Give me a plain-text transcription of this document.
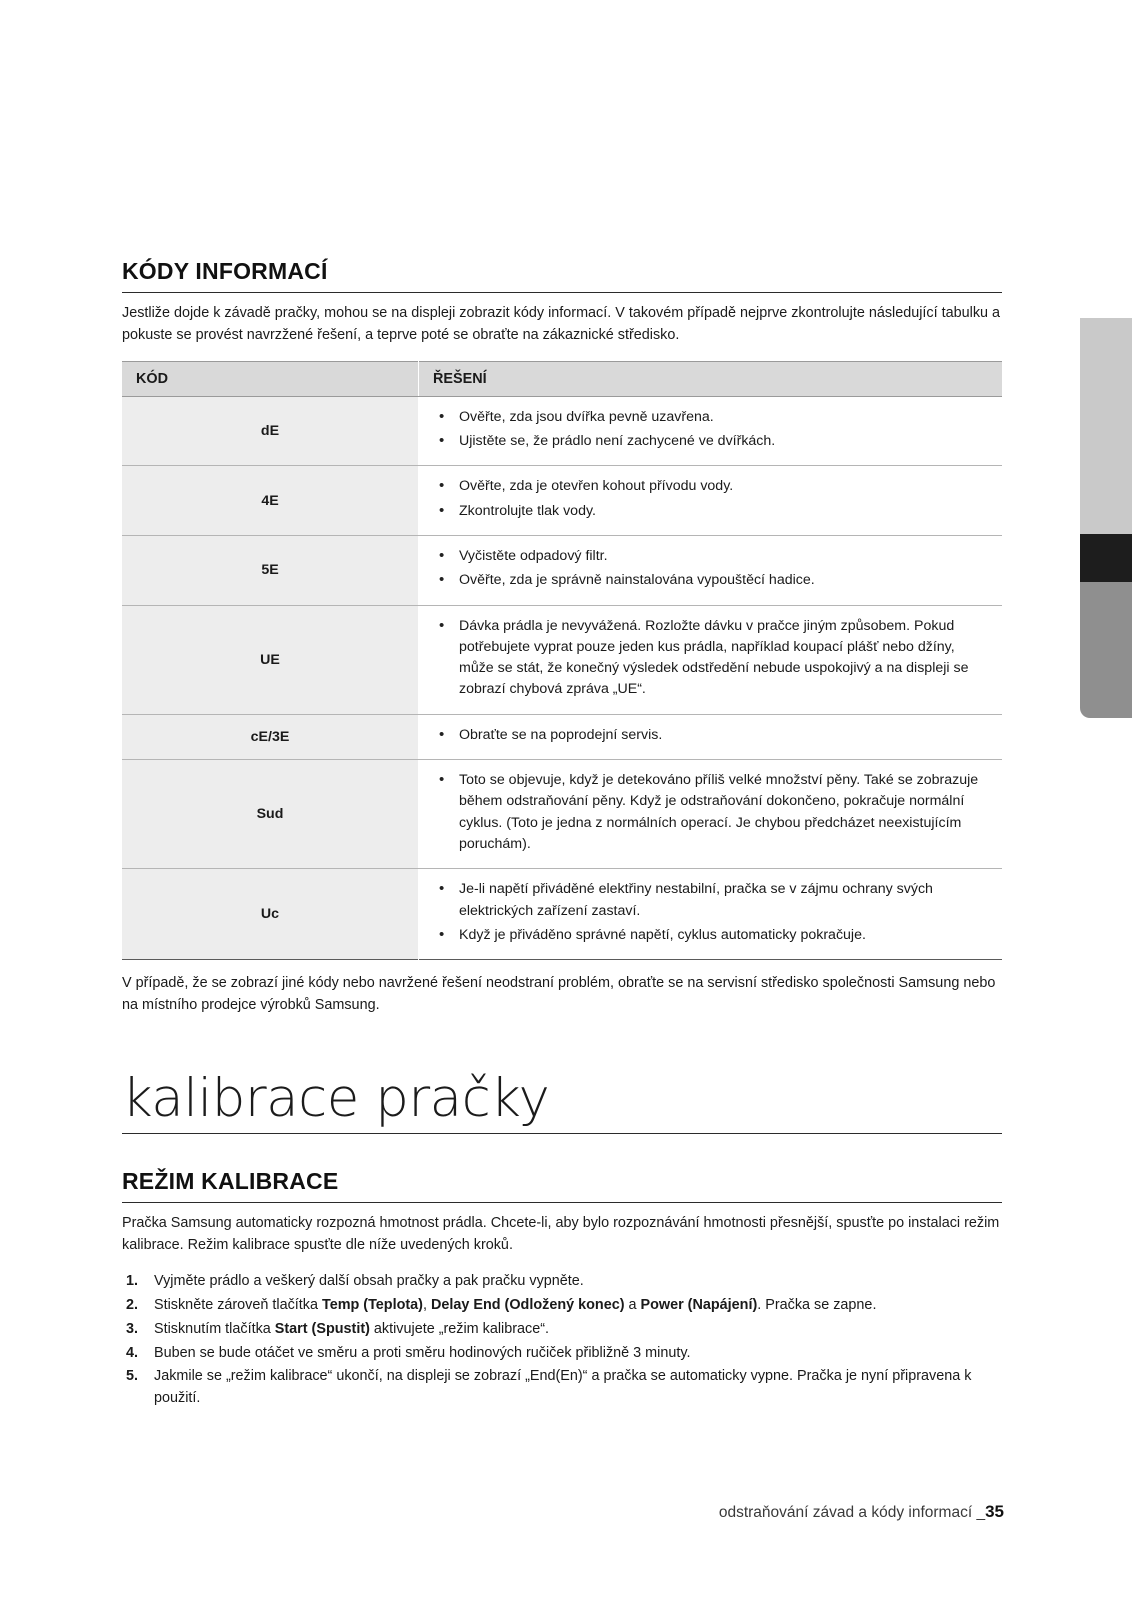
04 ODSTRAŇOVÁNÍ ZÁVAD
KÓDY INFORMACÍ

Jestliže dojde k závadě pračky, mohou se na displeji zobrazit kódy informací. V takovém případě nejprve zkontrolujte následující tabulku a pokuste se provést navrzžené řešení, a teprve poté se obraťte na zákaznické středisko.

KÓD	ŘEŠENÍ
dE	
• Ověřte, zda jsou dvířka pevně uzavřena.
• Ujistěte se, že prádlo není zachycené ve dvířkách.

4E	
• Ověřte, zda je otevřen kohout přívodu vody.
• Zkontrolujte tlak vody.

5E	
• Vyčistěte odpadový filtr.
• Ověřte, zda je správně nainstalována vypouštěcí hadice.

UE	
• Dávka prádla je nevyvážená. Rozložte dávku v pračce jiným způsobem. Pokud potřebujete vyprat pouze jeden kus prádla, například koupací plášť nebo džíny, může se stát, že konečný výsledek odstředění nebude uspokojivý a na displeji se zobrazí chybová zpráva „UE“.

cE/3E	
•Obraťte se na poprodejní servis.

Sud	
• Toto se objevuje, když je detekováno příliš velké množství pěny. Také se zobrazuje během odstraňování pěny. Když je odstraňování dokončeno, pokračuje normální cyklus. (Toto je jedna z normálních operací. Je chybou předcházet neexistujícím poruchám).

Uc	
• Je-li napětí přiváděné elektřiny nestabilní, pračka se v zájmu ochrany svých elektrických zařízení zastaví.
• Když je přiváděno správné napětí, cyklus automaticky pokračuje.

V případě, že se zobrazí jiné kódy nebo navržené řešení neodstraní problém, obraťte se na servisní středisko společnosti Samsung nebo na místního prodejce výrobků Samsung.

kalibrace pračky
REŽIM KALIBRACE

Pračka Samsung automaticky rozpozná hmotnost prádla. Chcete-li, aby bylo rozpoznávání hmotnosti přesnější, spusťte po instalaci režim kalibrace. Režim kalibrace spusťte dle níže uvedených kroků.

Vyjměte prádlo a veškerý další obsah pračky a pak pračku vypněte.
Stiskněte zároveň tlačítka Temp (Teplota), Delay End (Odložený konec) a Power (Napájení). Pračka se zapne.
Stisknutím tlačítka Start (Spustit) aktivujete „režim kalibrace“.
Buben se bude otáčet ve směru a proti směru hodinových ručiček přibližně 3 minuty.
Jakmile se „režim kalibrace“ ukončí, na displeji se zobrazí „End(En)“ a pračka se automaticky vypne. Pračka je nyní připravena k použití.
odstraňování závad a kódy informací _35
